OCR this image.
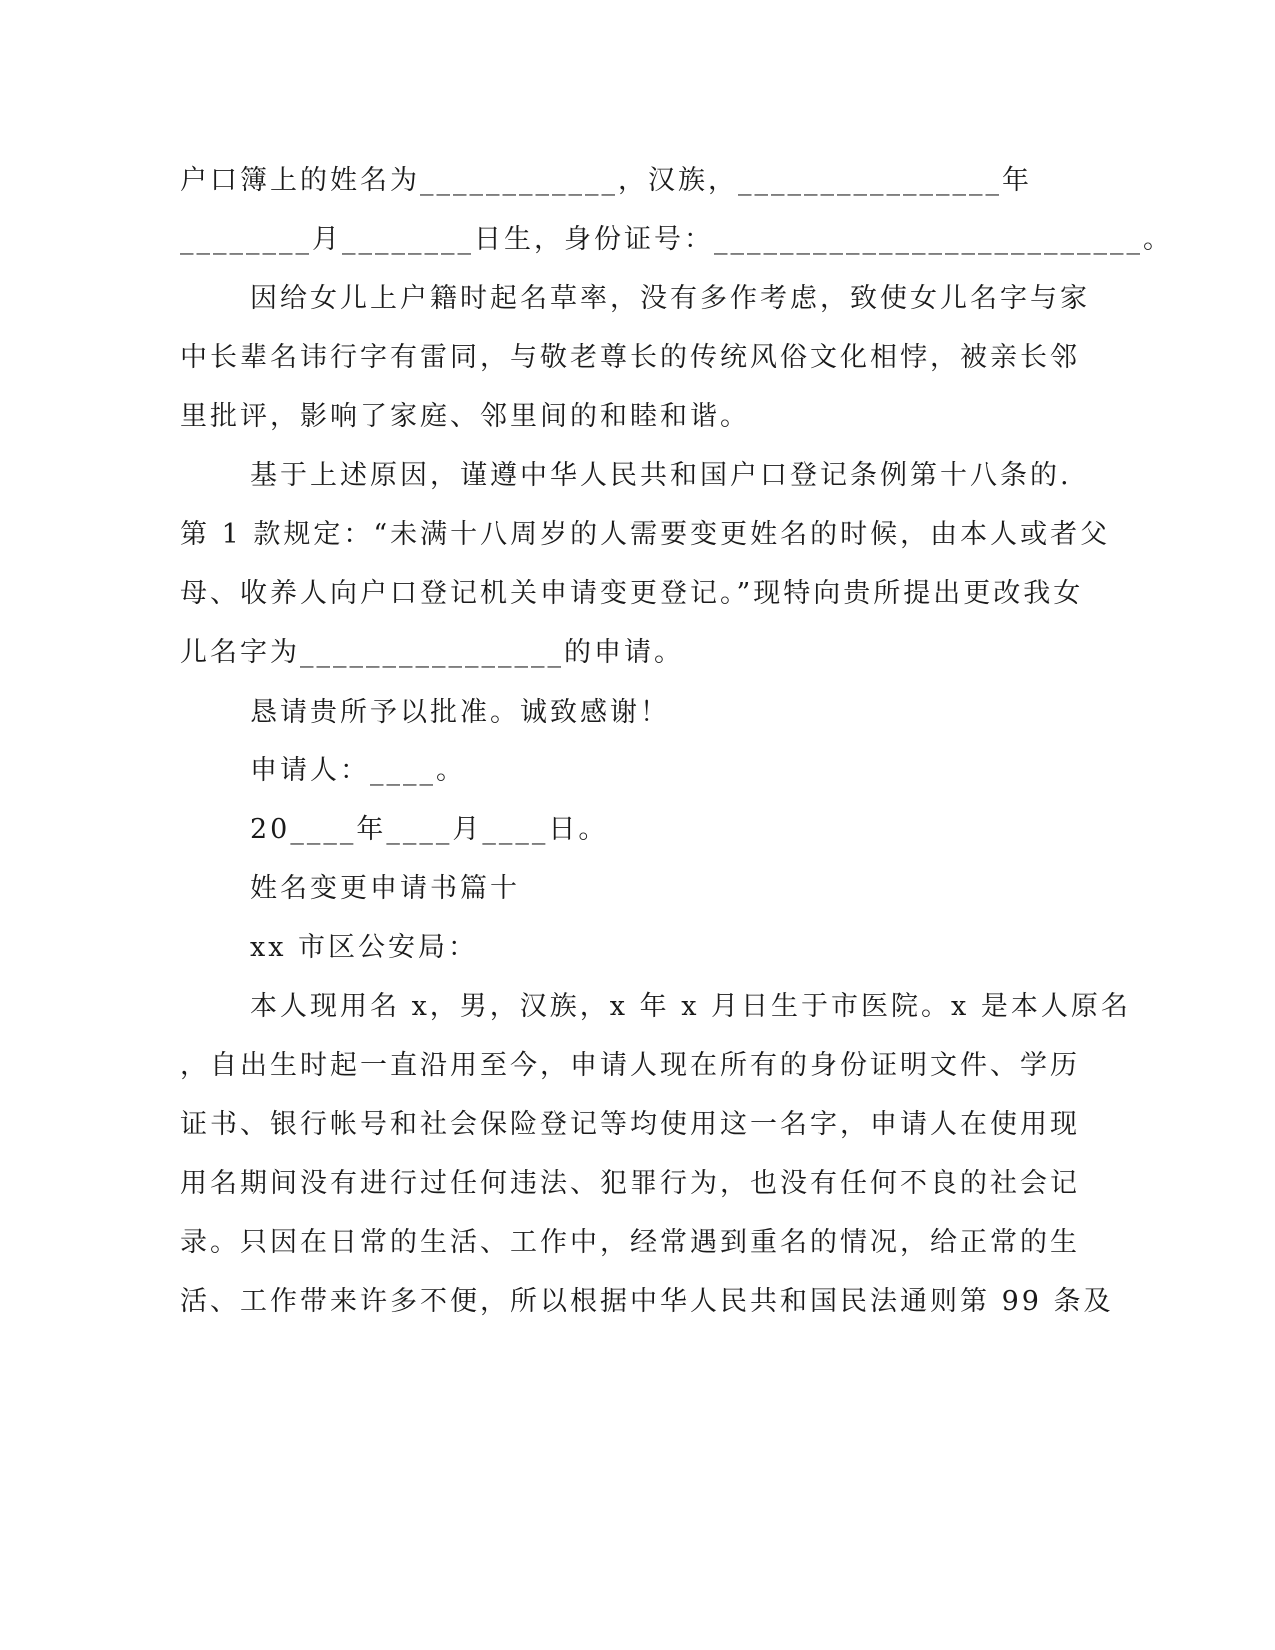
户口簿上的姓名为____________，汉族，________________年
________月________日生，身份证号：__________________________。
因给女儿上户籍时起名草率，没有多作考虑，致使女儿名字与家
中长辈名讳行字有雷同，与敬老尊长的传统风俗文化相悖，被亲长邻
里批评，影响了家庭、邻里间的和睦和谐。
基于上述原因，谨遵中华人民共和国户口登记条例第十八条的.
第 1 款规定：“未满十八周岁的人需要变更姓名的时候，由本人或者父
母、收养人向户口登记机关申请变更登记。”现特向贵所提出更改我女
儿名字为________________的申请。
恳请贵所予以批准。诚致感谢！
申请人：____。
20____年____月____日。
姓名变更申请书篇十
xx 市区公安局：
本人现用名 x，男，汉族，x 年 x 月日生于市医院。x 是本人原名
，自出生时起一直沿用至今，申请人现在所有的身份证明文件、学历
证书、银行帐号和社会保险登记等均使用这一名字，申请人在使用现
用名期间没有进行过任何违法、犯罪行为，也没有任何不良的社会记
录。只因在日常的生活、工作中，经常遇到重名的情况，给正常的生
活、工作带来许多不便，所以根据中华人民共和国民法通则第 99 条及
